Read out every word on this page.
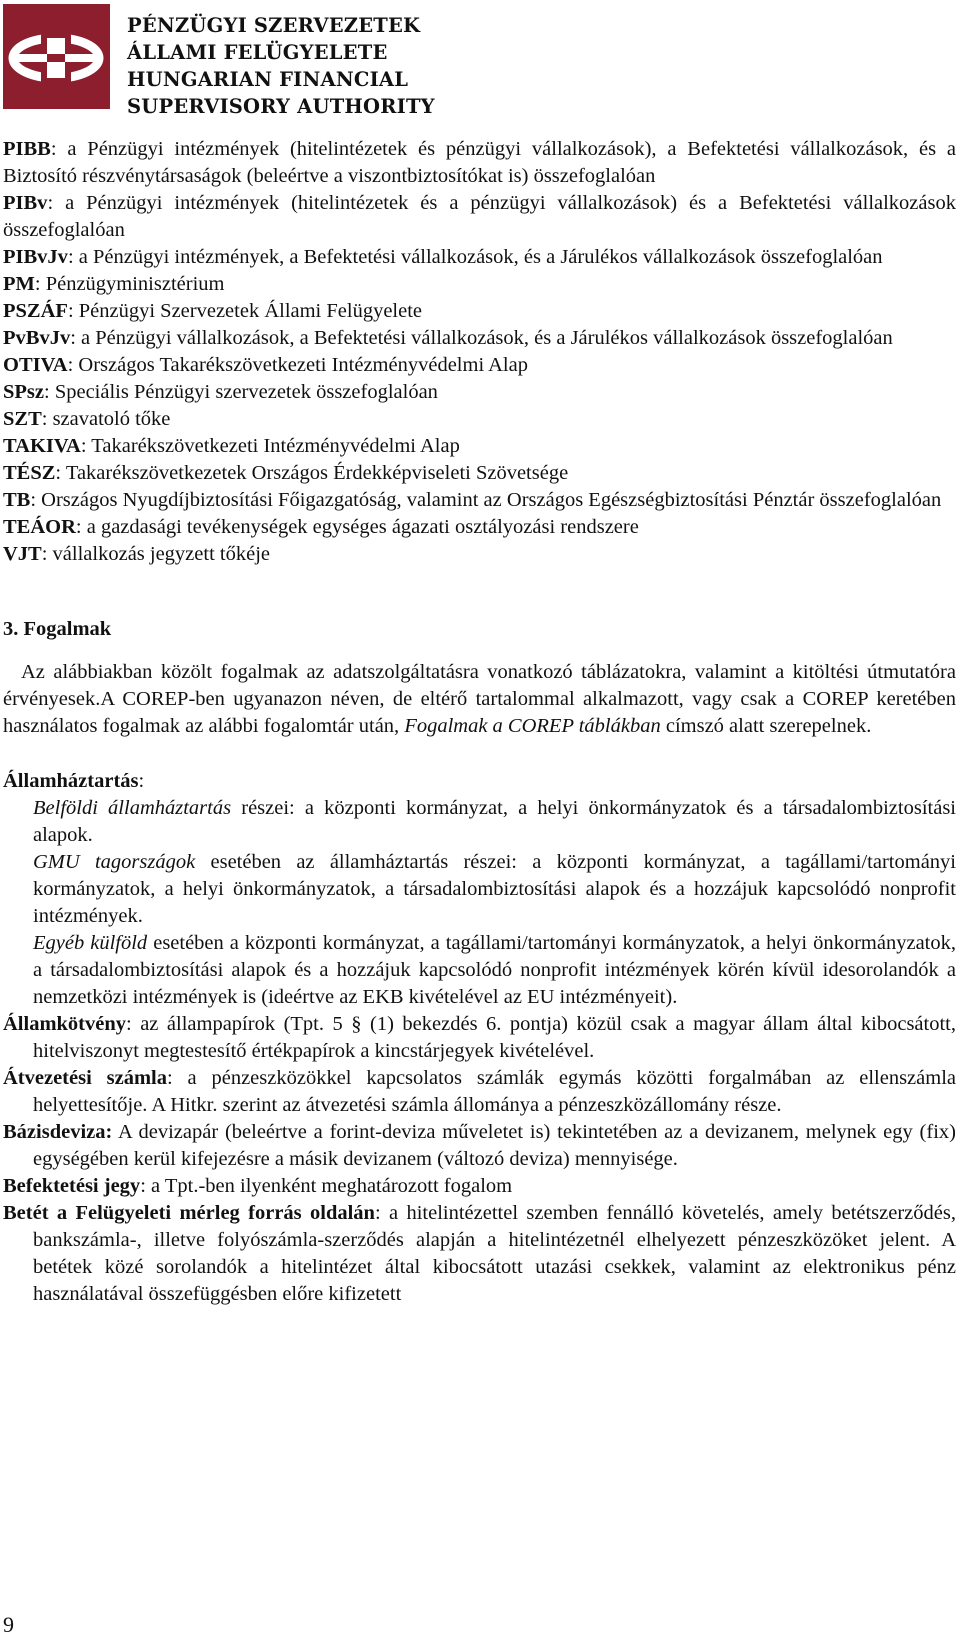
PÉNZÜGYI SZERVEZETEK
ÁLLAMI FELÜGYELETE
HUNGARIAN FINANCIAL
SUPERVISORY AUTHORITY

PIBB: a Pénzügyi intézmények (hitelintézetek és pénzügyi vállalkozások), a Befektetési vállalkozások, és a Biztosító részvénytársaságok (beleértve a viszontbiztosítókat is) összefoglalóan

PIBv: a Pénzügyi intézmények (hitelintézetek és a pénzügyi vállalkozások) és a Befektetési vállalkozások összefoglalóan

PIBvJv: a Pénzügyi intézmények, a Befektetési vállalkozások, és a Járulékos vállalkozások összefoglalóan

PM: Pénzügyminisztérium

PSZÁF: Pénzügyi Szervezetek Állami Felügyelete

PvBvJv: a Pénzügyi vállalkozások, a Befektetési vállalkozások, és a Járulékos vállalkozások összefoglalóan

OTIVA: Országos Takarékszövetkezeti Intézményvédelmi Alap

SPsz: Speciális Pénzügyi szervezetek összefoglalóan

SZT: szavatoló tőke

TAKIVA: Takarékszövetkezeti Intézményvédelmi Alap

TÉSZ: Takarékszövetkezetek Országos Érdekképviseleti Szövetsége

TB: Országos Nyugdíjbiztosítási Főigazgatóság, valamint az Országos Egészségbiztosítási Pénztár összefoglalóan

TEÁOR: a gazdasági tevékenységek egységes ágazati osztályozási rendszere

VJT: vállalkozás jegyzett tőkéje

3. Fogalmak

Az alábbiakban közölt fogalmak az adatszolgáltatásra vonatkozó táblázatokra, valamint a kitöltési útmutatóra érvényesek.A COREP-ben ugyanazon néven, de eltérő tartalommal alkalmazott, vagy csak a COREP keretében használatos fogalmak az alábbi fogalomtár után, Fogalmak a COREP táblákban címszó alatt szerepelnek.

Államháztartás:

Belföldi államháztartás részei: a központi kormányzat, a helyi önkormányzatok és a társadalombiztosítási alapok.

GMU tagországok esetében az államháztartás részei: a központi kormányzat, a tagállami/tartományi kormányzatok, a helyi önkormányzatok, a társadalombiztosítási alapok és a hozzájuk kapcsolódó nonprofit intézmények.

Egyéb külföld esetében a központi kormányzat, a tagállami/tartományi kormányzatok, a helyi önkormányzatok, a társadalombiztosítási alapok és a hozzájuk kapcsolódó nonprofit intézmények körén kívül idesorolandók a nemzetközi intézmények is (ideértve az EKB kivételével az EU intézményeit).

Államkötvény: az állampapírok (Tpt. 5 § (1) bekezdés 6. pontja) közül csak a magyar állam által kibocsátott, hitelviszonyt megtestesítő értékpapírok a kincstárjegyek kivételével.

Átvezetési számla: a pénzeszközökkel kapcsolatos számlák egymás közötti forgalmában az ellenszámla helyettesítője. A Hitkr. szerint az átvezetési számla állománya a pénzeszközállomány része.

Bázisdeviza: A devizapár (beleértve a forint-deviza műveletet is) tekintetében az a devizanem, melynek egy (fix) egységében kerül kifejezésre a másik devizanem (változó deviza) mennyisége.

Befektetési jegy: a Tpt.-ben ilyenként meghatározott fogalom

Betét a Felügyeleti mérleg forrás oldalán: a hitelintézettel szemben fennálló követelés, amely betétszerződés, bankszámla-, illetve folyószámla-szerződés alapján a hitelintézetnél elhelyezett pénzeszközöket jelent. A betétek közé sorolandók a hitelintézet által kibocsátott utazási csekkek, valamint az elektronikus pénz használatával összefüggésben előre kifizetett

9
